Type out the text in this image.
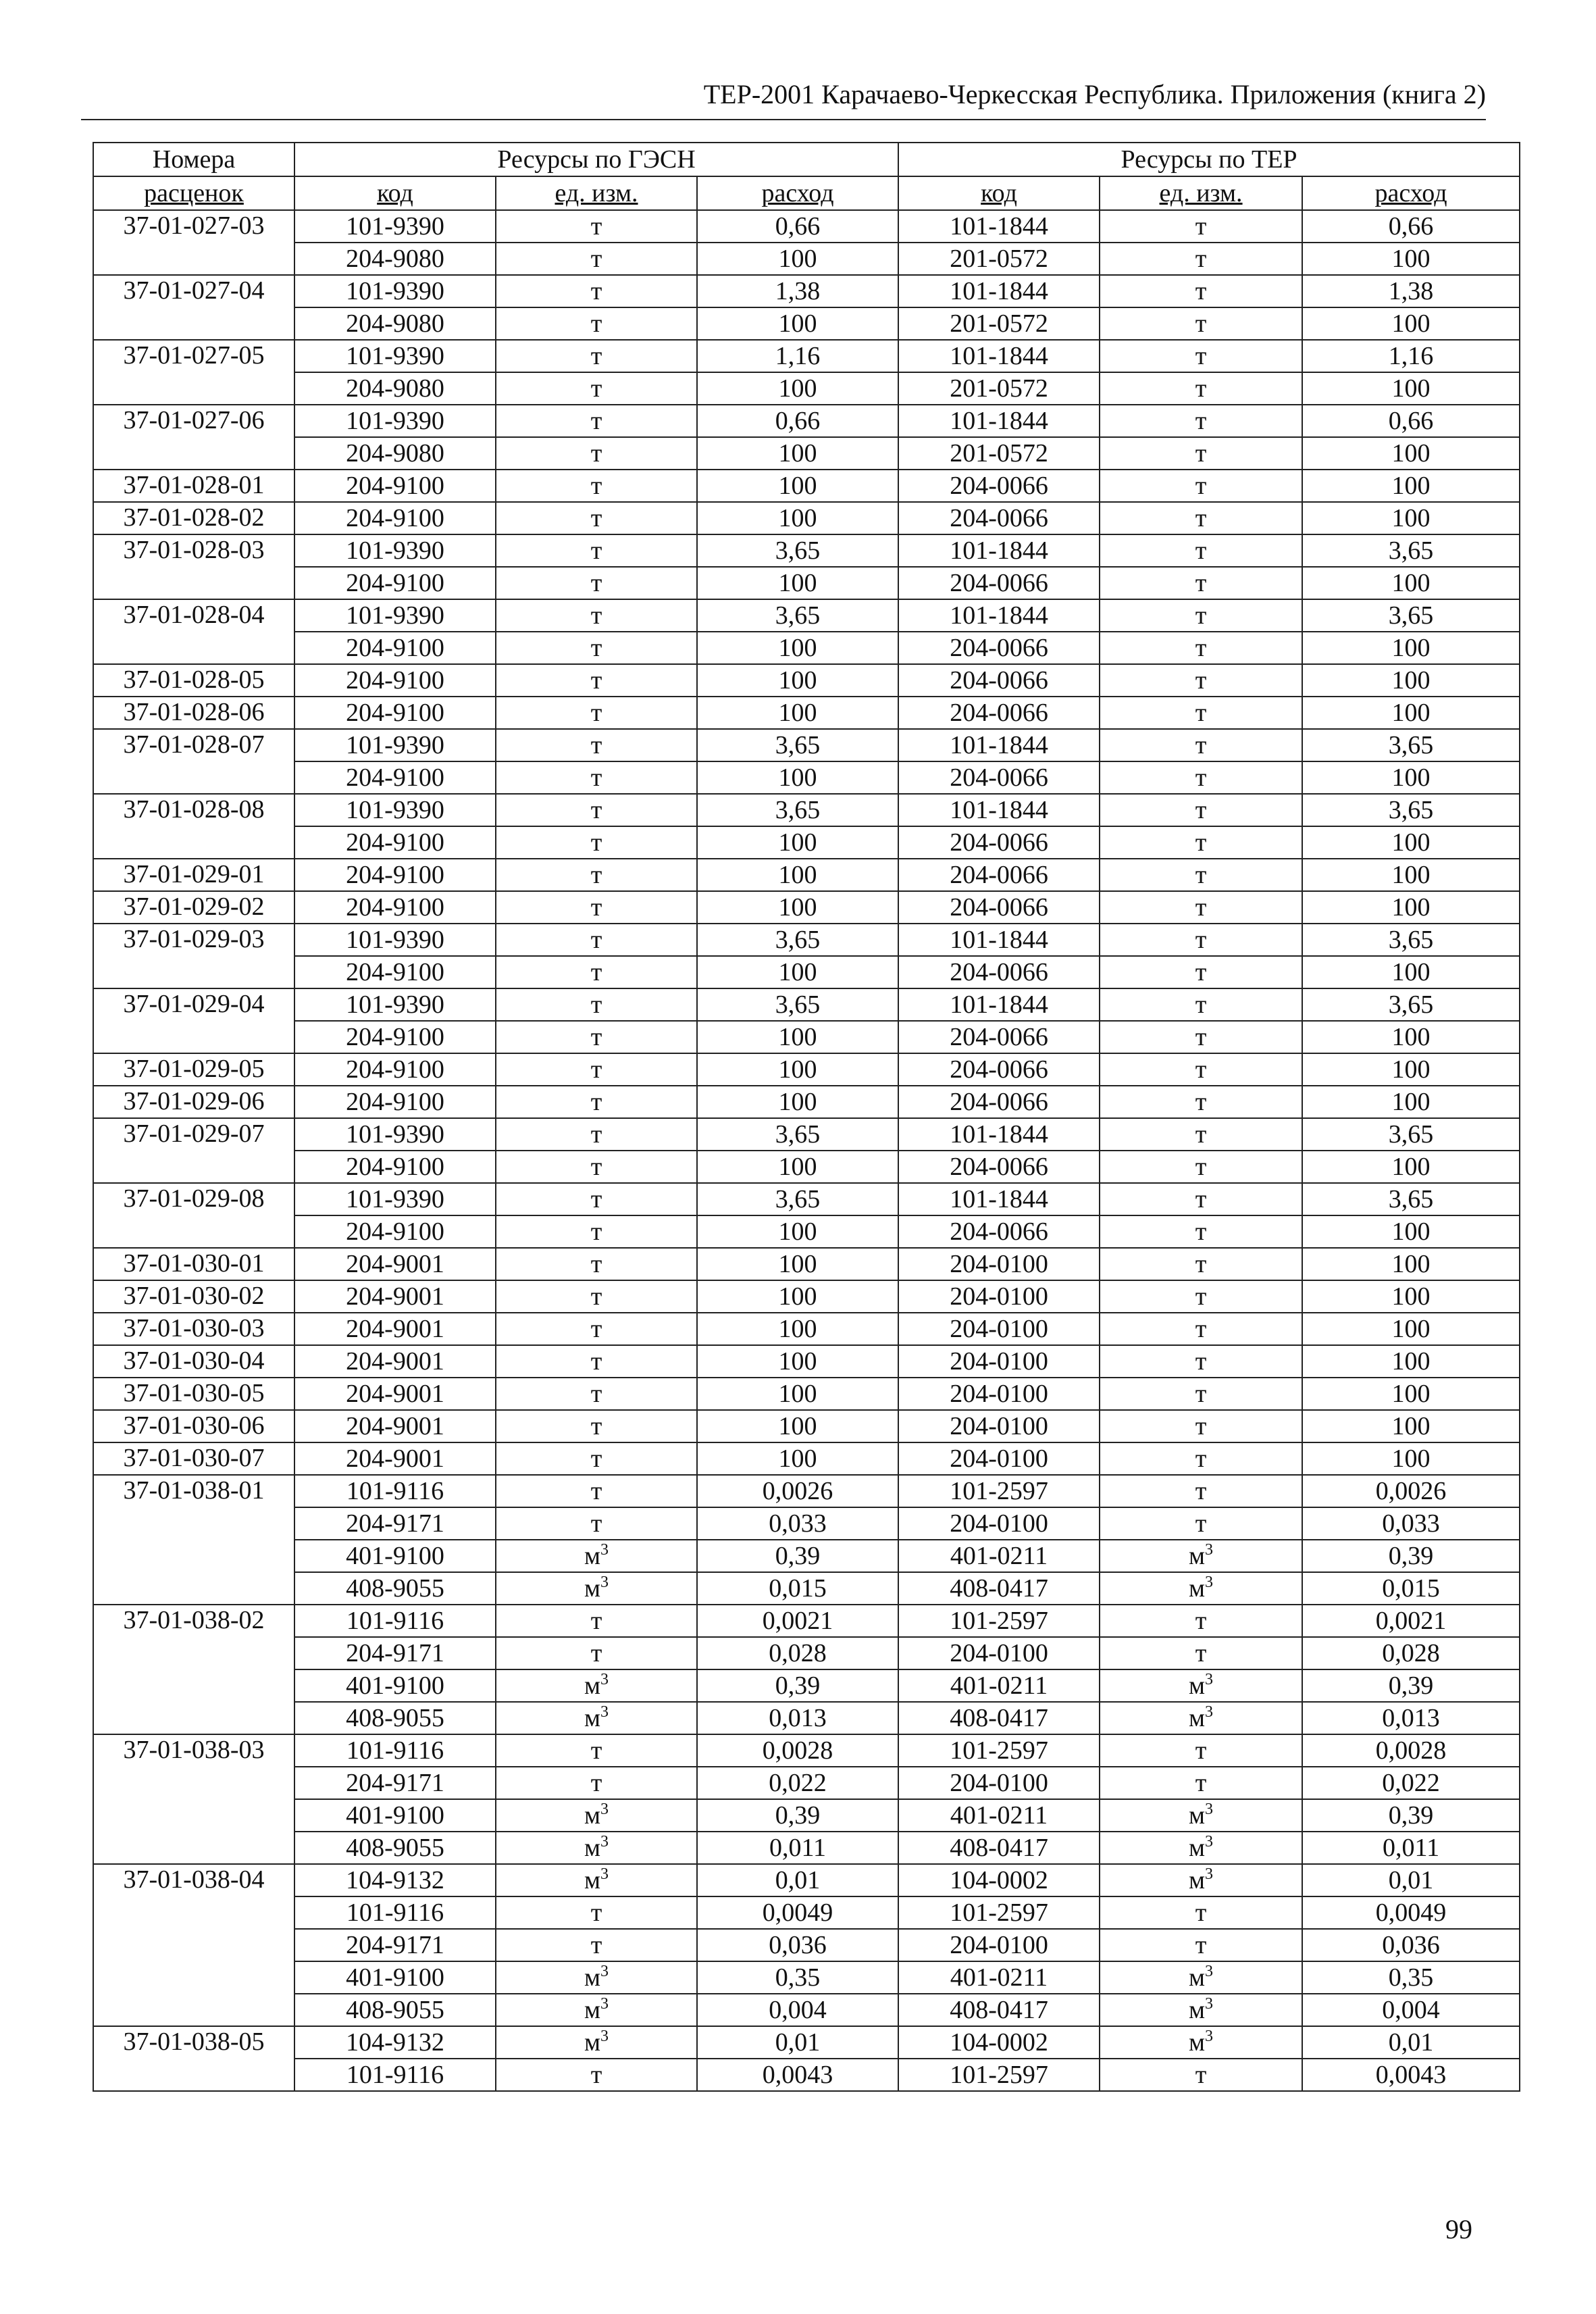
ТЕР-2001 Карачаево-Черкесская Республика. Приложения (книга 2)
Номера	Ресурсы по ГЭСН			Ресурсы по ТЕР		
расценок	код	ед. изм.	расход	код	ед. изм.	расход
37-01-027-03	101-9390	т	0,66	101-1844	т	0,66
	204-9080	т	100	201-0572	т	100
37-01-027-04	101-9390	т	1,38	101-1844	т	1,38
	204-9080	т	100	201-0572	т	100
37-01-027-05	101-9390	т	1,16	101-1844	т	1,16
	204-9080	т	100	201-0572	т	100
37-01-027-06	101-9390	т	0,66	101-1844	т	0,66
	204-9080	т	100	201-0572	т	100
37-01-028-01	204-9100	т	100	204-0066	т	100
37-01-028-02	204-9100	т	100	204-0066	т	100
37-01-028-03	101-9390	т	3,65	101-1844	т	3,65
	204-9100	т	100	204-0066	т	100
37-01-028-04	101-9390	т	3,65	101-1844	т	3,65
	204-9100	т	100	204-0066	т	100
37-01-028-05	204-9100	т	100	204-0066	т	100
37-01-028-06	204-9100	т	100	204-0066	т	100
37-01-028-07	101-9390	т	3,65	101-1844	т	3,65
	204-9100	т	100	204-0066	т	100
37-01-028-08	101-9390	т	3,65	101-1844	т	3,65
	204-9100	т	100	204-0066	т	100
37-01-029-01	204-9100	т	100	204-0066	т	100
37-01-029-02	204-9100	т	100	204-0066	т	100
37-01-029-03	101-9390	т	3,65	101-1844	т	3,65
	204-9100	т	100	204-0066	т	100
37-01-029-04	101-9390	т	3,65	101-1844	т	3,65
	204-9100	т	100	204-0066	т	100
37-01-029-05	204-9100	т	100	204-0066	т	100
37-01-029-06	204-9100	т	100	204-0066	т	100
37-01-029-07	101-9390	т	3,65	101-1844	т	3,65
	204-9100	т	100	204-0066	т	100
37-01-029-08	101-9390	т	3,65	101-1844	т	3,65
	204-9100	т	100	204-0066	т	100
37-01-030-01	204-9001	т	100	204-0100	т	100
37-01-030-02	204-9001	т	100	204-0100	т	100
37-01-030-03	204-9001	т	100	204-0100	т	100
37-01-030-04	204-9001	т	100	204-0100	т	100
37-01-030-05	204-9001	т	100	204-0100	т	100
37-01-030-06	204-9001	т	100	204-0100	т	100
37-01-030-07	204-9001	т	100	204-0100	т	100
37-01-038-01	101-9116	т	0,0026	101-2597	т	0,0026
	204-9171	т	0,033	204-0100	т	0,033
	401-9100	$м^3$	0,39	401-0211	$м^3$	0,39
	408-9055	$м^3$	0,015	408-0417	$м^3$	0,015
37-01-038-02	101-9116	т	0,0021	101-2597	т	0,0021
	204-9171	т	0,028	204-0100	т	0,028
	401-9100	$м^3$	0,39	401-0211	$м^3$	0,39
	408-9055	$м^3$	0,013	408-0417	$м^3$	0,013
37-01-038-03	101-9116	т	0,0028	101-2597	т	0,0028
	204-9171	т	0,022	204-0100	т	0,022
	401-9100	$м^3$	0,39	401-0211	$м^3$	0,39
	408-9055	$м^3$	0,011	408-0417	$м^3$	0,011
37-01-038-04	104-9132	$м^3$	0,01	104-0002	$м^3$	0,01
	101-9116	т	0,0049	101-2597	т	0,0049
	204-9171	т	0,036	204-0100	т	0,036
	401-9100	$м^3$	0,35	401-0211	$м^3$	0,35
	408-9055	$м^3$	0,004	408-0417	$м^3$	0,004
37-01-038-05	104-9132	$м^3$	0,01	104-0002	$м^3$	0,01
	101-9116	т	0,0043	101-2597	т	0,0043
99
